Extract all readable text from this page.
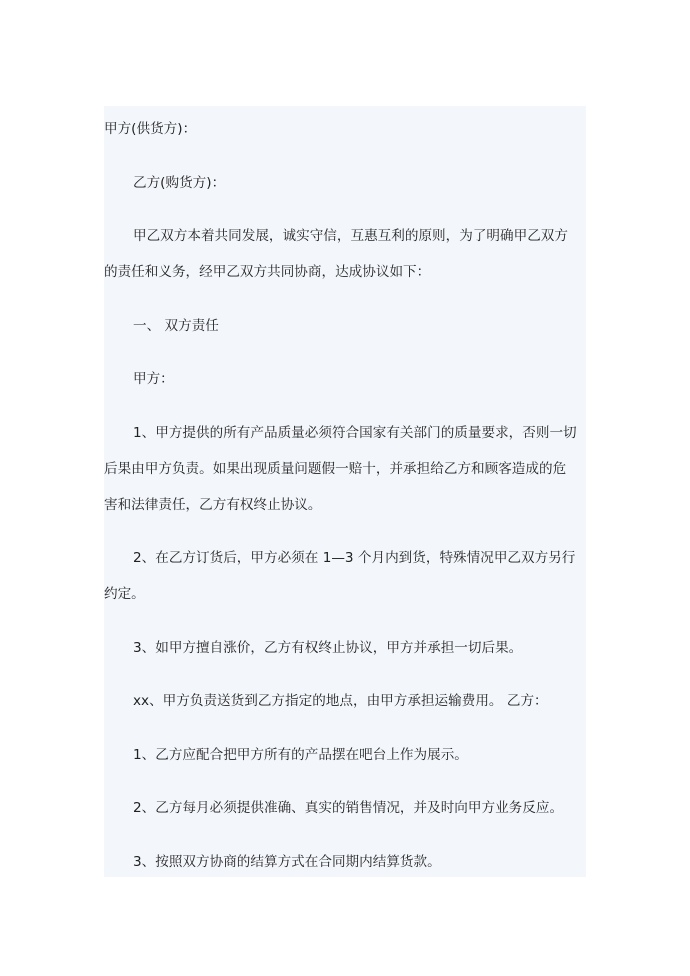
甲方(供货方)：
乙方(购货方)：
甲乙双方本着共同发展，诚实守信，互惠互利的原则，为了明确甲乙双方
的责任和义务，经甲乙双方共同协商，达成协议如下：
一、 双方责任
甲方：
1、甲方提供的所有产品质量必须符合国家有关部门的质量要求，否则一切
后果由甲方负责。如果出现质量问题假一赔十，并承担给乙方和顾客造成的危
害和法律责任，乙方有权终止协议。
2、在乙方订货后，甲方必须在 1—3 个月内到货，特殊情况甲乙双方另行
约定。
3、如甲方擅自涨价，乙方有权终止协议，甲方并承担一切后果。
xx、甲方负责送货到乙方指定的地点，由甲方承担运输费用。 乙方：
1、乙方应配合把甲方所有的产品摆在吧台上作为展示。
2、乙方每月必须提供准确、真实的销售情况，并及时向甲方业务反应。
3、按照双方协商的结算方式在合同期内结算货款。
